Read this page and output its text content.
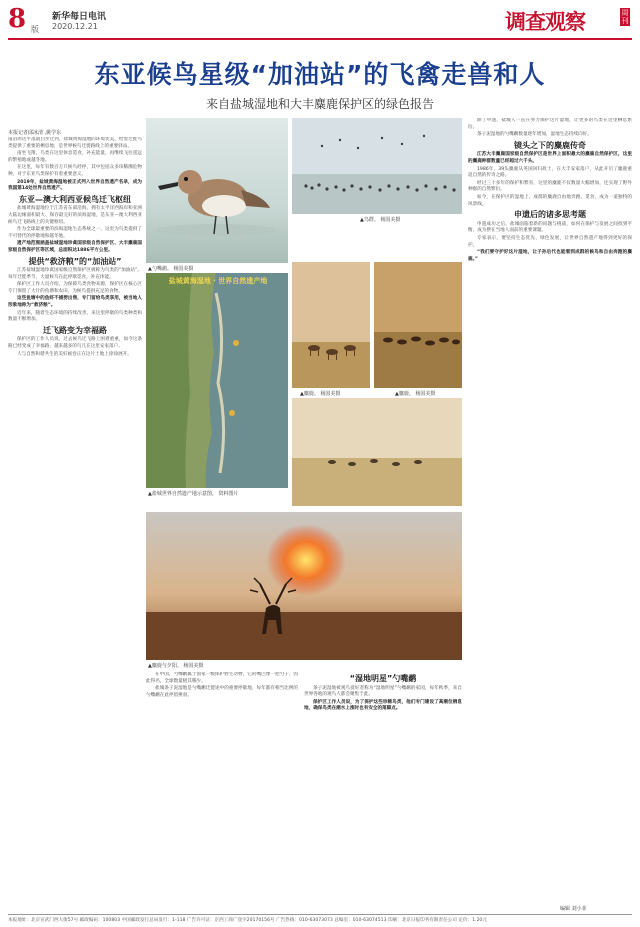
8 版
新华每日电讯
2020.12.21	调查观察	周刊
东亚候鸟星级“加油站”的飞禽走兽和人
来自盐城湿地和大丰麋鹿保护区的绿色报告
本报记者邱冰清 ,姚学东

南沼鸿达平落就白步迁到，盐城黄海湿地的环境优美，给着迁徙鸟类提供了重要的栖息地，是世界候鸟迁徙路线上的重要驿站。

南坐飞翔，鸟类在这里休息觅食，补充能量，再继续飞往遥远的繁殖地或越冬地。

在这里，每年有数百万只候鸟经停，其中包括众多珍稀濒危物种，对于东亚鸟类保护有着重要意义。

2019年，盐城黄海湿地被正式列入世界自然遗产名录，成为我国第14处世界自然遗产。

东亚—澳大利西亚候鸟迁飞枢纽

盐城黄海湿地位于江苏省东部沿海，拥有太平洋西海岸和亚洲大陆边缘面积最大、保存最完好的滨海湿地，是东亚—澳大利西亚候鸟迁飞路线上的关键枢纽。

作为全球最重要的滨海湿地生态系统之一，这里为鸟类提供了不可替代的停歇地和越冬地。

遗产地范围涵盖盐城湿地珍禽国家级自然保护区、大丰麋鹿国家级自然保护区等区域，总面积达1886平方公里。

提供“救济粮”的“加油站”

江苏盐城湿地珍禽国家级自然保护区被称为鸟类的“加油站”。每年迁徙季节，大量候鸟在此停歇觅食，补充体能。

保护区工作人员介绍，为保障鸟类食物来源，保护区在核心区专门保留了大片的鱼塘和农田，为候鸟提供充足的食物。

这些鱼塘中的鱼虾不捕捞出售，专门留给鸟类享用，被当地人形象地称为“救济粮”。

近年来，随着生态环境的持续改善，来这里停歇的鸟类种类和数量不断增加。

迁飞路变为幸福路

保护区的工作人员说，过去候鸟迁飞路上困难重重，如今这条路已经变成了幸福路，越来越多的鸟儿在这里安家落户。

人与自然和谐共生的美好画卷正在这片土地上徐徐展开。

▲勺嘴鹬。 杨国美摄
▲鸟群。 杨国美摄
盐城黄海湿地 · 世界自然遗产地
▲盐城世界自然遗产地示意图。 资料图片
▲麋鹿。 杨国美摄	▲麋鹿。 杨国美摄
▲麋鹿与夕阳。 杨国美摄

在中国，勺嘴鹬属于国家一级保护野生动物，它的嘴巴像一把勺子，因此得名，全球数量极其稀少。

盐城条子泥湿地是勺嘴鹬迁徙途中的重要停歇地，每年都有相当比例的勺嘴鹬在此停留换羽。

“湿地明星”勺嘴鹬

条子泥湿地被观鸟爱好者称为“湿地明星”勺嘴鹬的家园，每年秋季，来自世界各地的观鸟人都会聚集于此。

保护区工作人员说，为了保护这些珍稀鸟类，他们专门建设了高潮位栖息地，确保鸟类在潮水上涨时也有安全的落脚点。

除了申遗，盐城人一直在努力保护这片湿地，让更多的鸟类在这里栖息繁衍。

条子泥湿地的勺嘴鹬数量逐年增加，湿地生态持续向好。

镜头之下的麋鹿传奇

江苏大丰麋鹿国家级自然保护区是世界上面积最大的麋鹿自然保护区，这里的麋鹿种群数量已经超过六千头。

1986年，39头麋鹿从英国回归故土，在大丰安家落户，从此开启了麋鹿重返自然的传奇之路。

经过三十多年的保护和繁育，这里的麋鹿不仅数量大幅增加，还实现了野外种群的自然繁衍。

如今，在保护区的湿地上，成群的麋鹿自由地奔跑、觅食，成为一道独特的风景线。

申遗后的诸多思考题

申遗成功之后，盐城面临着新的问题与挑战，如何在保护与发展之间找到平衡，成为摆在当地人面前的重要课题。

专家表示，要坚持生态优先、绿色发展，让世界自然遗产地得到更好的保护。

“我们要守护好这片湿地，让子孙后代也能看到成群的候鸟和自由奔跑的麋鹿。”

编辑 刘小菲
本报地址：北京宣武门西大街57号 邮政编码：100803 中国邮政发行总局发行：1-118 广告许可证：京西工商广登字20170156号 广告热线：010-63073073 总编室：010-63074513 印刷：北京日报印务有限责任公司 定价：1.20元
